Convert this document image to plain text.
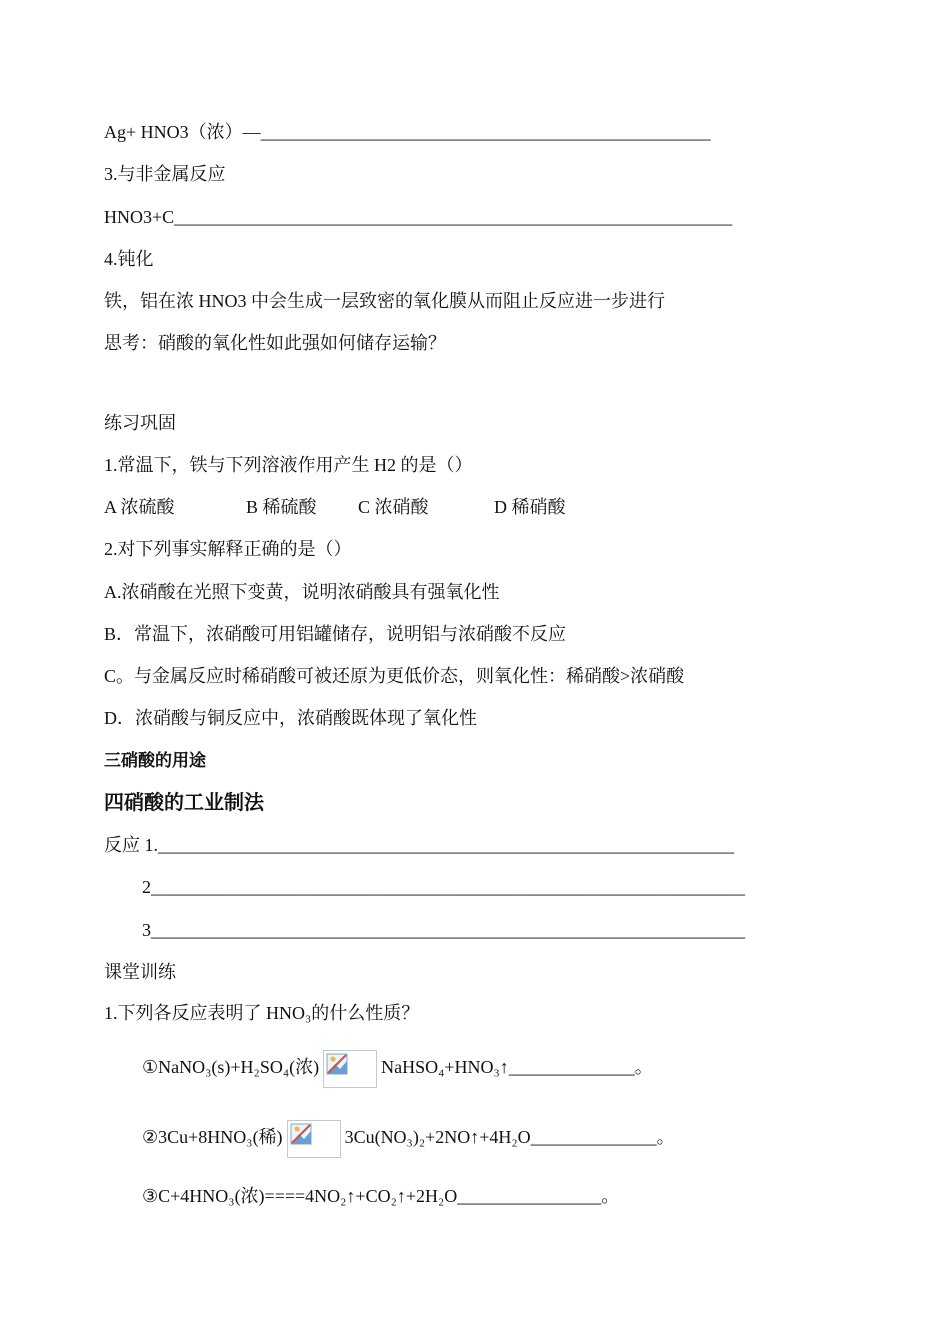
Ag+ HNO3（浓）—__________________________________________________
3.与非金属反应
HNO3+C______________________________________________________________
4.钝化
铁，铝在浓 HNO3 中会生成一层致密的氧化膜从而阻止反应进一步进行
思考：硝酸的氧化性如此强如何储存运输？
练习巩固
1.常温下，铁与下列溶液作用产生 H2 的是（）
A 浓硫酸	B 稀硫酸 C 浓硝酸	D 稀硝酸
2.对下列事实解释正确的是（）
A.浓硝酸在光照下变黄，说明浓硝酸具有强氧化性
B．常温下，浓硝酸可用铝罐储存，说明铝与浓硝酸不反应
C。与金属反应时稀硝酸可被还原为更低价态，则氧化性：稀硝酸>浓硝酸
D．浓硝酸与铜反应中，浓硝酸既体现了氧化性
三硝酸的用途
四硝酸的工业制法
反应 1.________________________________________________________________
2__________________________________________________________________
3__________________________________________________________________
课堂训练
1.下列各反应表明了 HNO₃的什么性质？
①NaNO₃(s)+H₂SO₄(浓)	NaHSO₄+HNO₃↑______________。
②3Cu+8HNO₃(稀)	3Cu(NO₃)₂+2NO↑+4H₂O______________。
③C+4HNO₃(浓)====4NO₂↑+CO₂↑+2H₂O________________。
